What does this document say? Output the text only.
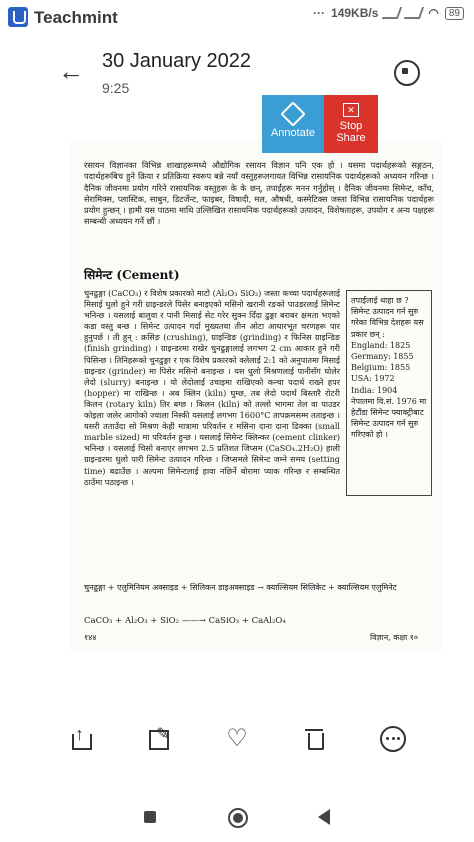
Teachmint	··· 149KB/s	◠	89
← 30 January 2022
9:25

रसायन विज्ञानका विभिन्न शाखाहरूमध्ये औद्योगिक रसायन विज्ञान पनि एक हो । यसमा पदार्थहरूको सङ्गठन, पदार्थहरूबिच हुने क्रिया र प्रतिक्रिया स्वरूप बन्ने नयाँ वस्तुहरूलगायत विभिन्न रासायनिक पदार्थहरूको अध्ययन गरिन्छ । दैनिक जीवनमा प्रयोग गरिने रासायनिक वस्तुहरू के के छन्, तपाईंहरू मनन गर्नुहोस् । दैनिक जीवनमा सिमेन्ट, काँच, सेरामिक्स, प्लास्टिक, साबुन, डिटर्जेन्ट, फाइबर, विषादी, मल, औषधी, कस्मेटिक्स जस्ता विभिन्न रासायनिक पदार्थहरू प्रयोग हुन्छन् । हामी यस पाठमा माथि उल्लिखित रासायनिक पदार्थहरूको उत्पादन, विशेषताहरू, उपयोग र अन्य पक्षहरू सम्बन्धी अध्ययन गर्ने छौं ।

सिमेन्ट (Cement)
चुनढुङ्गा (CaCO₃) र विशेष प्रकारको माटो (Al₂O₃ SiO₂) जस्ता कच्चा पदार्थहरूलाई मिसाई धुलो हुने गरी ग्राइन्डरले पिसेर बनाइएको मसिनो खरानी रङको पाउडरलाई सिमेन्ट भनिन्छ । यसलाई बालुवा र पानी मिसाई सेट गरेर सुक्न दिँदा ढुङ्गा बराबर क्षमता भएको कडा वस्तु बन्छ । सिमेन्ट उत्पादन गर्दा मुख्यतया तीन ओटा आधारभूत चरणहरू पार हुनुपर्छ । ती हुन् : क्रसिङ (crushing), ग्राइन्डिङ (grinding) र फिनिस ग्राइन्डिङ (finish grinding) । ग्राइन्डरमा राखेर चुनढुङ्गालाई लगभग 2 cm आकार हुने गरी पिसिन्छ । तिनिहरूको चुनढुङ्गा र एक विशेष प्रकारको क्लेलाई 2:1 को अनुपातमा मिसाई ग्राइन्डर (grinder) मा पिसेर मसिनो बनाइन्छ । यस धुलो मिश्रणलाई पानीसँग घोलेर लेदो (slurry) बनाइन्छ । यो लेदोलाई उचाइमा राखिएको कन्चा पदार्थ राख्ने हपर (hopper) मा राखिन्छ । अब क्लिन (kiln) घुम्छ, तब लेदो पदार्थ बिस्तारै रोटरी किलन (rotary kiln) तिर बग्छ । किलन (kiln) को तल्लो भागमा तेल वा पाउडर कोइला जलेर आगोको ज्वाला निस्की यसलाई लगभग 1600°C तापक्रमसम्म तताइन्छ । यसरी तताउँदा सो मिश्रण केही मात्रामा परिवर्तन र मसिना दाना दाना ढिक्का (small marble sized) मा परिवर्तन हुन्छ । यसलाई सिमेन्ट क्लिन्कर (cement clinker) भनिन्छ । यसलाई चिसो बनाएर लगभग 2.5 प्रतिशत जिप्सम (CaSO₄.2H₂O) हाली ग्राइन्डरमा धुलो पारी सिमेन्ट उत्पादन गरिन्छ । जिप्समले सिमेन्ट जम्ने समय (setting time) बढाउँछ । अल्पमा सिमेन्टलाई हावा नछिर्ने बोरामा प्याक गरिन्छ र सम्बन्धित ठाउँमा पठाइन्छ ।
तपाईंलाई थाहा छ ?
सिमेन्ट उत्पादन गर्न सुरु गरेका विभिन्न देशहरू यस प्रकार छन् :
England: 1825
Germany: 1855
Belgium: 1855
USA: 1972
India: 1904
नेपालमा वि.सं. 1976 मा हेटौंडा सिमेन्ट फ्याक्ट्रीबाट सिमेन्ट उत्पादन गर्न सुरु गरिएको हो ।
चुनढुङ्गा + एलुमिनियम अक्साइड + सिलिकन डाइअक्साइड → क्याल्सियम सिलिकेट + क्याल्सियम एलुमिनेट
CaCO₃ + Al₂O₃ + SiO₂ ——→ CaSiO₃ + CaAl₂O₄
१४४	विज्ञान, कक्षा १०
Annotate
✕
Stop Share
↑
✎
♡
